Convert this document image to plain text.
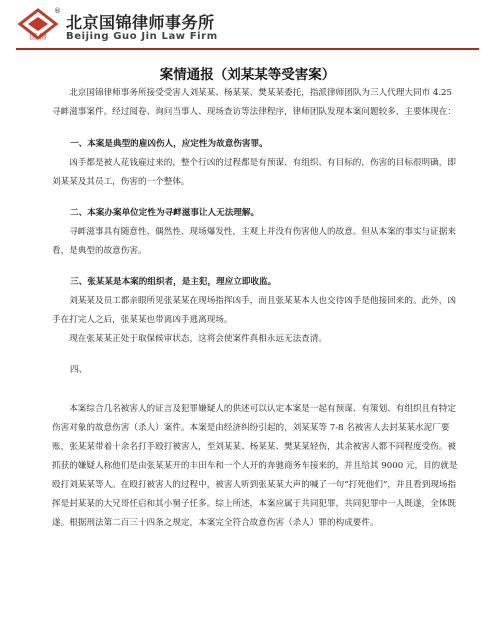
国锦
®
北京国锦律师事务所
Beijing Guo Jin Law Firm
案情通报（刘某某等受害案）

北京国锦律师事务所接受受害人刘某某、杨某某、樊某某委托，指派律师团队为三人代理大同市 4.25 寻衅滋事案件。经过阅卷、询问当事人、现场查访等法律程序，律师团队发现本案问题较多，主要体现在：

一、本案是典型的雇凶伤人，应定性为故意伤害罪。

凶手都是被人花钱雇过来的，整个行凶的过程都是有预谋、有组织、有目标的，伤害的目标很明确，即刘某某及其员工，伤害的一个整体。

二、本案办案单位定性为寻衅滋事让人无法理解。

寻衅滋事具有随意性、偶然性、现场爆发性，主观上并没有伤害他人的故意。但从本案的事实与证据来看，是典型的故意伤害。

三、张某某是本案的组织者，是主犯，理应立即收监。

刘某某及员工都亲眼所见张某某在现场指挥凶手，而且张某某本人也交待凶手是他接回来的。此外，凶手在打完人之后，张某某也带离凶手逃离现场。

现在张某某正处于取保候审状态，这将会使案件真相永远无法查清。

四、

本案综合几名被害人的证言及犯罪嫌疑人的供述可以认定本案是一起有预谋、有策划、有组织且有特定伤害对象的故意伤害（杀人）案件。本案是由经济纠纷引起的，刘某某等 7-8 名被害人去封某某水泥厂要账，张某某带着十余名打手殴打被害人，至刘某某、杨某某、樊某某轻伤，其余被害人都不同程度受伤。被抓获的嫌疑人称他们是由张某某开的丰田车和一个人开的奔驰商务车接来的，并且给其 9000 元，目的就是殴打刘某某等人。在殴打被害人的过程中，被害人听到张某某大声的喊了一句“打死他们”，并且看到现场指挥是封某某的大兄哥任启和其小舅子任多。综上所述，本案应属于共同犯罪，共同犯罪中一人既遂，全体既遂。根据刑法第二百三十四条之规定，本案完全符合故意伤害（杀人）罪的构成要件。
